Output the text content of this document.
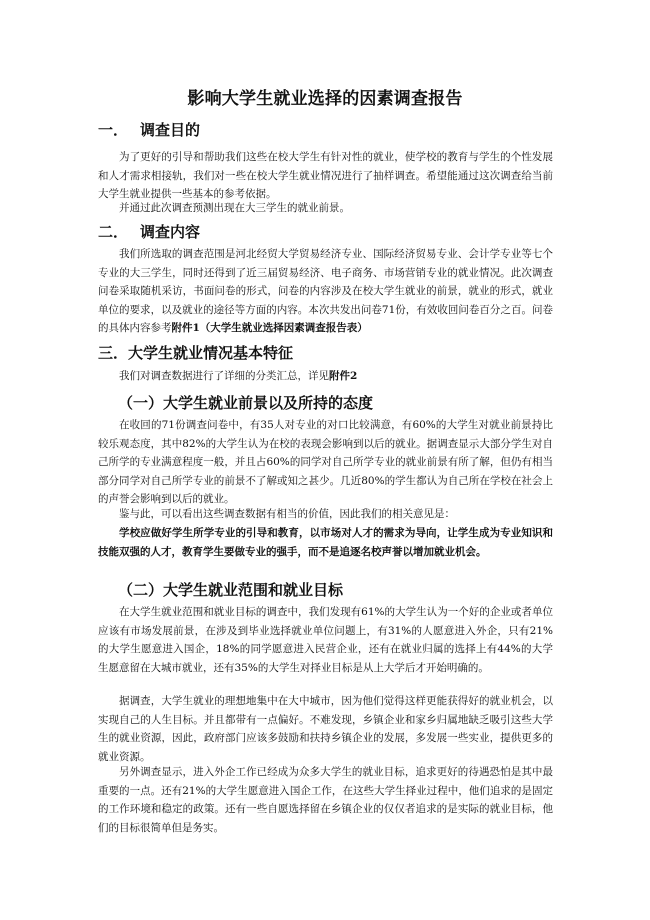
影响大学生就业选择的因素调查报告
一． 调查目的

为了更好的引导和帮助我们这些在校大学生有针对性的就业，使学校的教育与学生的个性发展和人才需求相接轨，我们对一些在校大学生就业情况进行了抽样调查。希望能通过这次调查给当前大学生就业提供一些基本的参考依据。

并通过此次调查预测出现在大三学生的就业前景。

二． 调查内容

我们所选取的调查范围是河北经贸大学贸易经济专业、国际经济贸易专业、会计学专业等七个专业的大三学生，同时还得到了近三届贸易经济、电子商务、市场营销专业的就业情况。此次调查问卷采取随机采访，书面问卷的形式，问卷的内容涉及在校大学生就业的前景，就业的形式，就业单位的要求，以及就业的途径等方面的内容。本次共发出问卷71份，有效收回问卷百分之百。问卷的具体内容参考附件1（大学生就业选择因素调查报告表）

三．大学生就业情况基本特征

我们对调查数据进行了详细的分类汇总，详见附件2

（一）大学生就业前景以及所持的态度

在收回的71份调查问卷中，有35人对专业的对口比较满意，有60%的大学生对就业前景持比较乐观态度，其中82%的大学生认为在校的表现会影响到以后的就业。据调查显示大部分学生对自己所学的专业满意程度一般，并且占60%的同学对自己所学专业的就业前景有所了解，但仍有相当部分同学对自己所学专业的前景不了解或知之甚少。几近80%的学生都认为自己所在学校在社会上的声誉会影响到以后的就业。

鉴与此，可以看出这些调查数据有相当的价值，因此我们的相关意见是：

学校应做好学生所学专业的引导和教育，以市场对人才的需求为导向，让学生成为专业知识和技能双强的人才，教育学生要做专业的强手，而不是追逐名校声誉以增加就业机会。

（二）大学生就业范围和就业目标

在大学生就业范围和就业目标的调查中，我们发现有61%的大学生认为一个好的企业或者单位应该有市场发展前景，在涉及到毕业选择就业单位问题上，有31%的人愿意进入外企，只有21%的大学生愿意进入国企，18%的同学愿意进入民营企业，还有在就业归属的选择上有44%的大学生愿意留在大城市就业，还有35%的大学生对择业目标是从上大学后才开始明确的。

据调查，大学生就业的理想地集中在大中城市，因为他们觉得这样更能获得好的就业机会，以实现自己的人生目标。并且都带有一点偏好。不难发现，乡镇企业和家乡归属地缺乏吸引这些大学生的就业资源，因此，政府部门应该多鼓励和扶持乡镇企业的发展，多发展一些实业，提供更多的就业资源。

另外调查显示，进入外企工作已经成为众多大学生的就业目标，追求更好的待遇恐怕是其中最重要的一点。还有21%的大学生愿意进入国企工作，在这些大学生择业过程中，他们追求的是固定的工作环境和稳定的政策。还有一些自愿选择留在乡镇企业的仅仅者追求的是实际的就业目标，他们的目标很简单但是务实。
